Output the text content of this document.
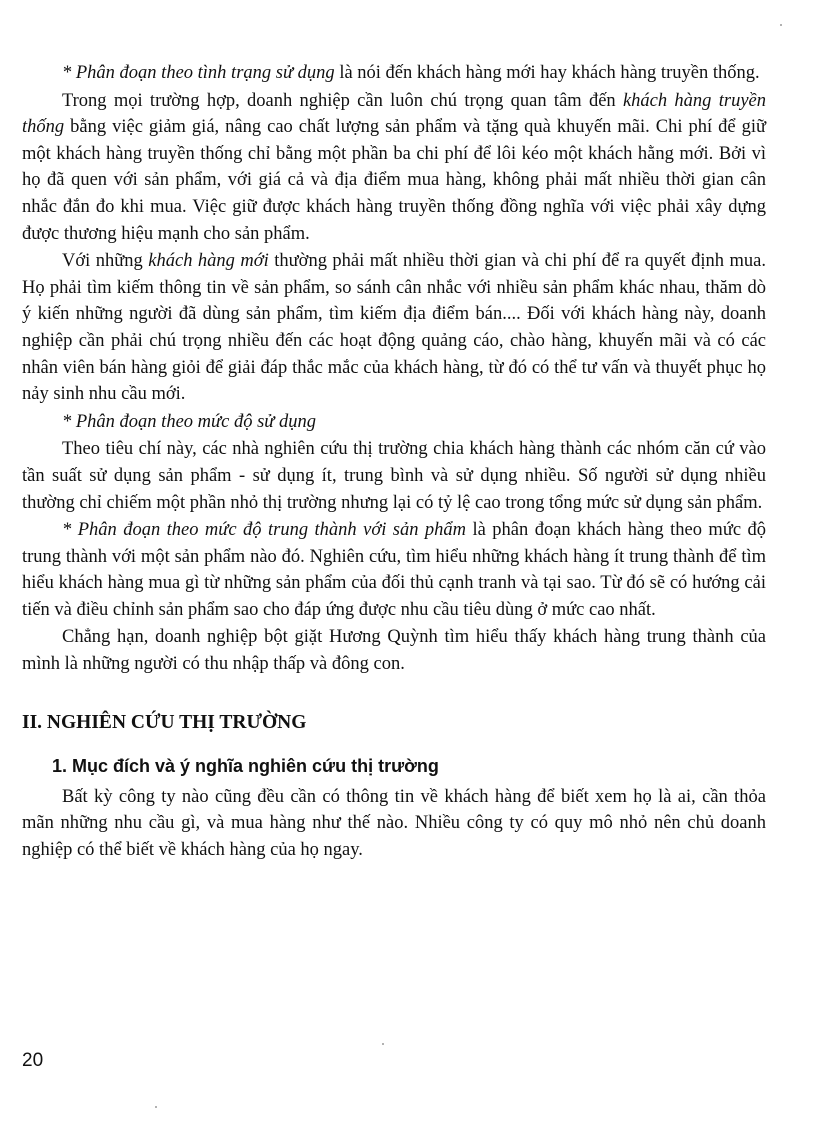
* Phân đoạn theo tình trạng sử dụng là nói đến khách hàng mới hay khách hàng truyền thống.

Trong mọi trường hợp, doanh nghiệp cần luôn chú trọng quan tâm đến khách hàng truyền thống bằng việc giảm giá, nâng cao chất lượng sản phẩm và tặng quà khuyến mãi. Chi phí để giữ một khách hàng truyền thống chỉ bằng một phần ba chi phí để lôi kéo một khách hằng mới. Bởi vì họ đã quen với sản phẩm, với giá cả và địa điểm mua hàng, không phải mất nhiều thời gian cân nhắc đắn đo khi mua. Việc giữ được khách hàng truyền thống đồng nghĩa với việc phải xây dựng được thương hiệu mạnh cho sản phẩm.

Với những khách hàng mới thường phải mất nhiều thời gian và chi phí để ra quyết định mua. Họ phải tìm kiếm thông tin về sản phẩm, so sánh cân nhắc với nhiều sản phẩm khác nhau, thăm dò ý kiến những người đã dùng sản phẩm, tìm kiếm địa điểm bán.... Đối với khách hàng này, doanh nghiệp cần phải chú trọng nhiều đến các hoạt động quảng cáo, chào hàng, khuyến mãi và có các nhân viên bán hàng giỏi để giải đáp thắc mắc của khách hàng, từ đó có thể tư vấn và thuyết phục họ nảy sinh nhu cầu mới.

* Phân đoạn theo mức độ sử dụng

Theo tiêu chí này, các nhà nghiên cứu thị trường chia khách hàng thành các nhóm căn cứ vào tần suất sử dụng sản phẩm - sử dụng ít, trung bình và sử dụng nhiều. Số người sử dụng nhiều thường chỉ chiếm một phần nhỏ thị trường nhưng lại có tỷ lệ cao trong tổng mức sử dụng sản phẩm.

* Phân đoạn theo mức độ trung thành với sản phẩm là phân đoạn khách hàng theo mức độ trung thành với một sản phẩm nào đó. Nghiên cứu, tìm hiểu những khách hàng ít trung thành để tìm hiểu khách hàng mua gì từ những sản phẩm của đối thủ cạnh tranh và tại sao. Từ đó sẽ có hướng cải tiến và điều chỉnh sản phẩm sao cho đáp ứng được nhu cầu tiêu dùng ở mức cao nhất.

Chẳng hạn, doanh nghiệp bột giặt Hương Quỳnh tìm hiểu thấy khách hàng trung thành của mình là những người có thu nhập thấp và đông con.

II. NGHIÊN CỨU THỊ TRƯỜNG
1. Mục đích và ý nghĩa nghiên cứu thị trường

Bất kỳ công ty nào cũng đều cần có thông tin về khách hàng để biết xem họ là ai, cần thỏa mãn những nhu cầu gì, và mua hàng như thế nào. Nhiều công ty có quy mô nhỏ nên chủ doanh nghiệp có thể biết về khách hàng của họ ngay.

20
